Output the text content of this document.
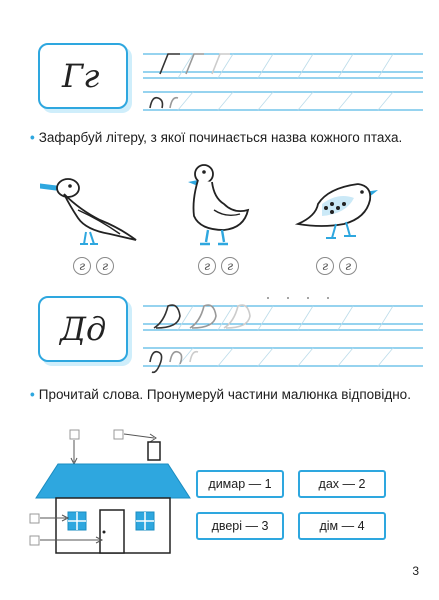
Гг
• Зафарбуй літеру, з якої починається назва кожного птаха.
г	г	г	г	г	г
Дд
• Прочитай слова. Пронумеруй частини малюнка відповідно.
димар — 1	дах — 2
двері — 3	дім — 4
3
